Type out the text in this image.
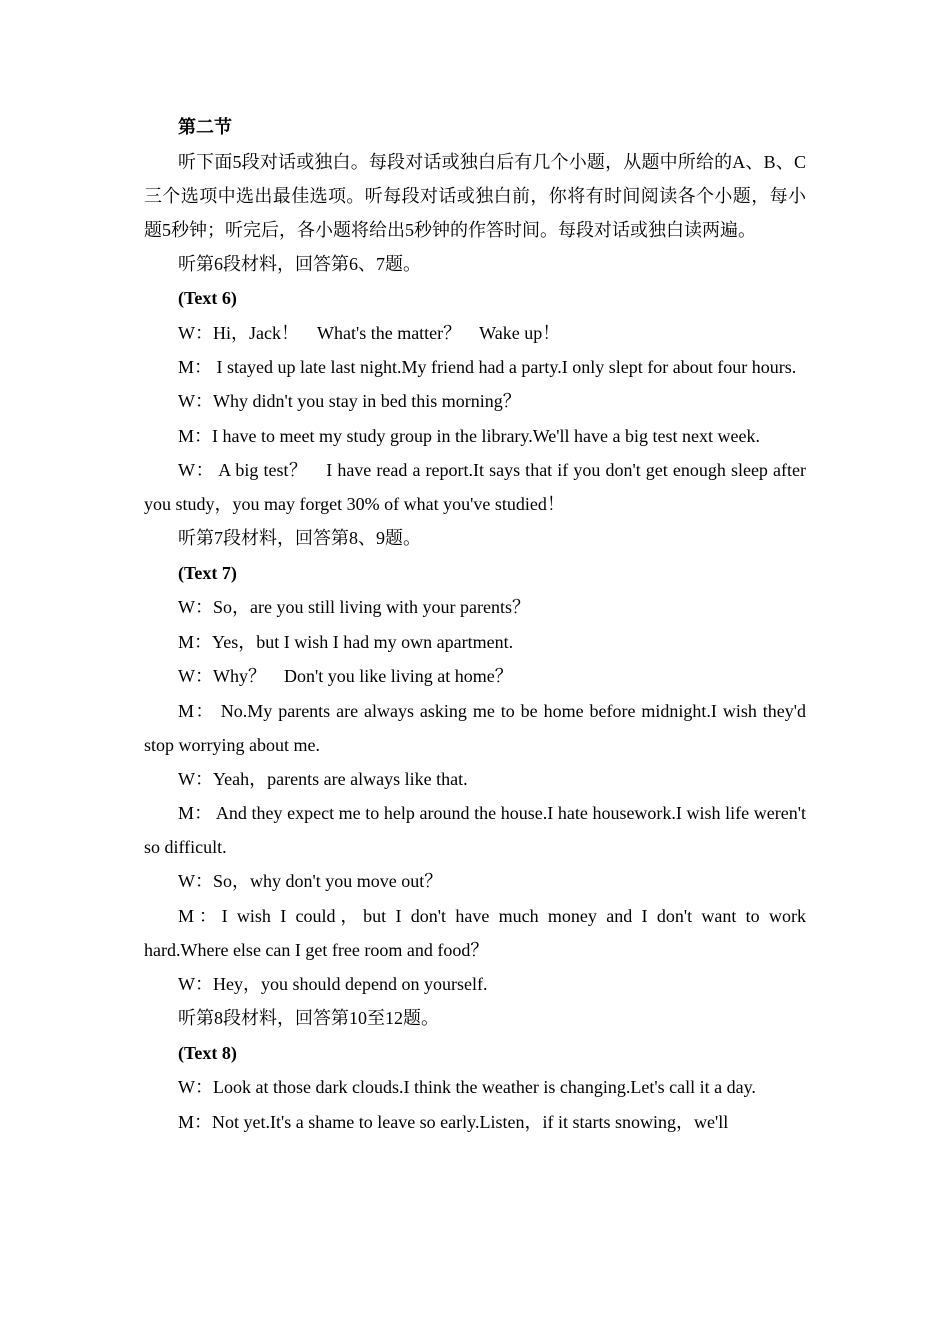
第二节

听下面5段对话或独白。每段对话或独白后有几个小题，从题中所给的A、B、C三个选项中选出最佳选项。听每段对话或独白前，你将有时间阅读各个小题，每小题5秒钟；听完后，各小题将给出5秒钟的作答时间。每段对话或独白读两遍。

听第6段材料，回答第6、7题。

(Text 6)

W：Hi，Jack！　What's the matter？　Wake up！

M： I stayed up late last night.My friend had a party.I only slept for about four hours.

W：Why didn't you stay in bed this morning？

M：I have to meet my study group in the library.We'll have a big test next week.

W： A big test？　I have read a report.It says that if you don't get enough sleep after you study，you may forget 30% of what you've studied！

听第7段材料，回答第8、9题。

(Text 7)

W：So，are you still living with your parents？

M：Yes，but I wish I had my own apartment.

W：Why？　Don't you like living at home？

M： No.My parents are always asking me to be home before midnight.I wish they'd stop worrying about me.

W：Yeah，parents are always like that.

M： And they expect me to help around the house.I hate housework.I wish life weren't so difficult.

W：So，why don't you move out？

M：I wish I could，but I don't have much money and I don't want to work hard.Where else can I get free room and food？

W：Hey，you should depend on yourself.

听第8段材料，回答第10至12题。

(Text 8)

W：Look at those dark clouds.I think the weather is changing.Let's call it a day.

M：Not yet.It's a shame to leave so early.Listen，if it starts snowing，we'll
